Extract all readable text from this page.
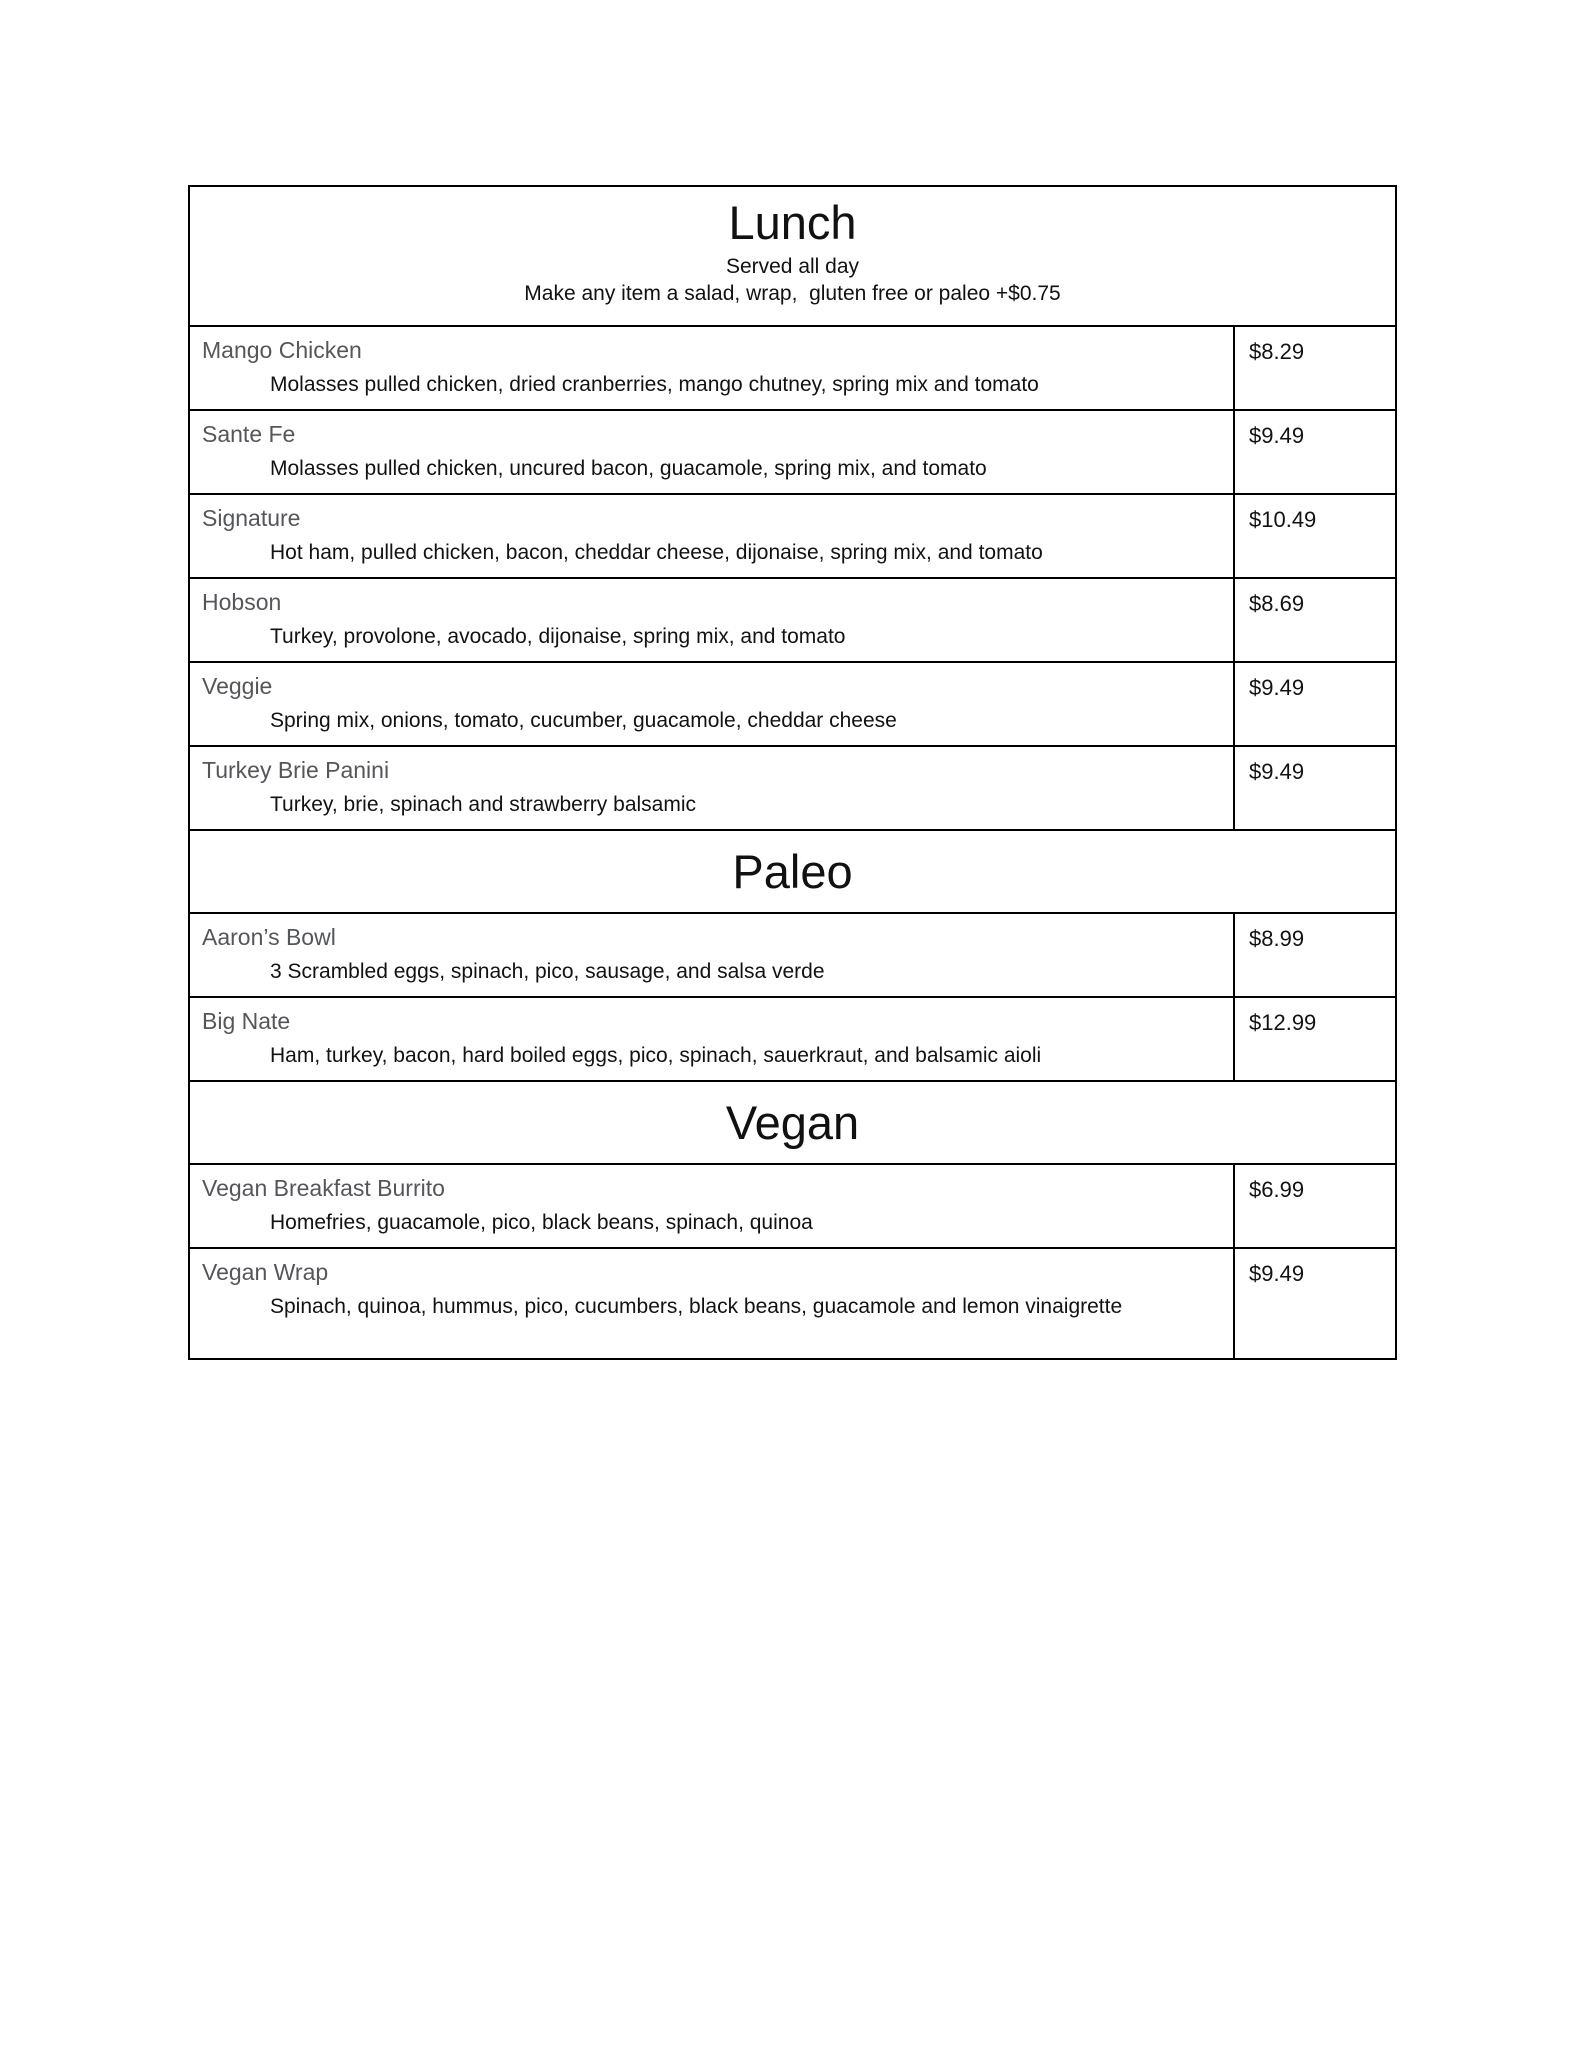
Lunch
Served all day
Make any item a salad, wrap,  gluten free or paleo +$0.75
Mango Chicken
Molasses pulled chicken, dried cranberries, mango chutney, spring mix and tomato
$8.29
Sante Fe
Molasses pulled chicken, uncured bacon, guacamole, spring mix, and tomato
$9.49
Signature
Hot ham, pulled chicken, bacon, cheddar cheese, dijonaise, spring mix, and tomato
$10.49
Hobson
Turkey, provolone, avocado, dijonaise, spring mix, and tomato
$8.69
Veggie
Spring mix, onions, tomato, cucumber, guacamole, cheddar cheese
$9.49
Turkey Brie Panini
Turkey, brie, spinach and strawberry balsamic
$9.49
Paleo
Aaron’s Bowl
3 Scrambled eggs, spinach, pico, sausage, and salsa verde
$8.99
Big Nate
Ham, turkey, bacon, hard boiled eggs, pico, spinach, sauerkraut, and balsamic aioli
$12.99
Vegan
Vegan Breakfast Burrito
Homefries, guacamole, pico, black beans, spinach, quinoa
$6.99
Vegan Wrap
Spinach, quinoa, hummus, pico, cucumbers, black beans, guacamole and lemon vinaigrette
$9.49
